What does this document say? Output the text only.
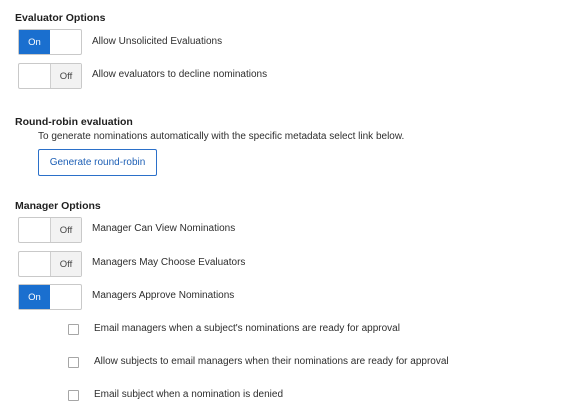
Evaluator Options
On	Allow Unsolicited Evaluations
Off	Allow evaluators to decline nominations
Round-robin evaluation
To generate nominations automatically with the specific metadata select link below.
Generate round-robin
Manager Options
Off	Manager Can View Nominations
Off	Managers May Choose Evaluators
On	Managers Approve Nominations
Email managers when a subject's nominations are ready for approval
Allow subjects to email managers when their nominations are ready for approval
Email subject when a nomination is denied
